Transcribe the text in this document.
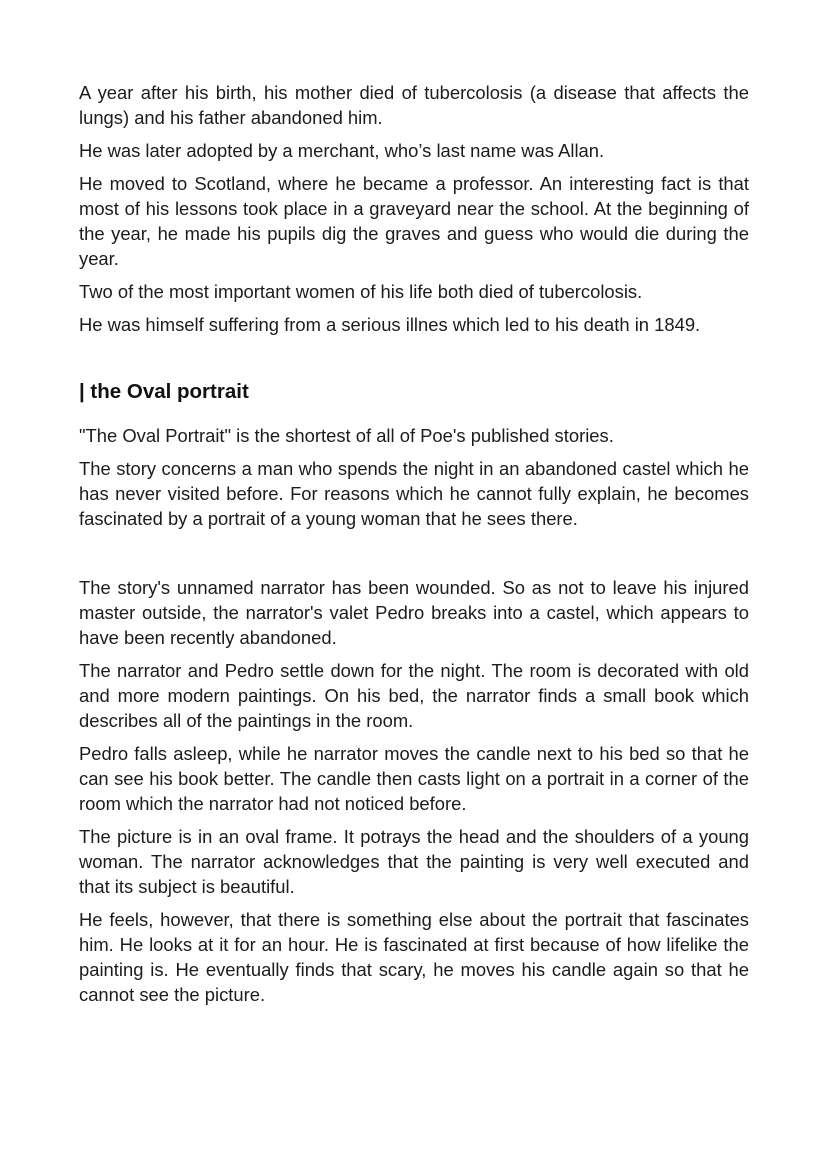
A year after his birth, his mother died of tubercolosis (a disease that affects the lungs) and his father abandoned him.

He was later adopted by a merchant, who’s last name was Allan.

He moved to Scotland, where he became a professor. An interesting fact is that most of his lessons took place in a graveyard near the school. At the beginning of the year, he made his pupils dig the graves and guess who would die during the year.

Two of the most important women of his life both died of tubercolosis.

He was himself suffering from a serious illnes which led to his death in 1849.

| the Oval portrait

"The Oval Portrait" is the shortest of all of Poe's published stories.

The story concerns a man who spends the night in an abandoned castel which he has never visited before. For reasons which he cannot fully explain, he becomes fascinated by a portrait of a young woman that he sees there.

The story's unnamed narrator has been wounded. So as not to leave his injured master outside, the narrator's valet Pedro breaks into a castel, which appears to have been recently abandoned.

The narrator and Pedro settle down for the night. The room is decorated with old and more modern paintings. On his bed, the narrator finds a small book which describes all of the paintings in the room.

Pedro falls asleep, while he narrator moves the candle next to his bed so that he can see his book better. The candle then casts light on a portrait in a corner of the room which the narrator had not noticed before.

The picture is in an oval frame. It potrays the head and the shoulders of a young woman. The narrator acknowledges that the painting is very well executed and that its subject is beautiful.

He feels, however, that there is something else about the portrait that fascinates him. He looks at it for an hour. He is fascinated at first because of how lifelike the painting is. He eventually finds that scary, he moves his candle again so that he cannot see the picture.
